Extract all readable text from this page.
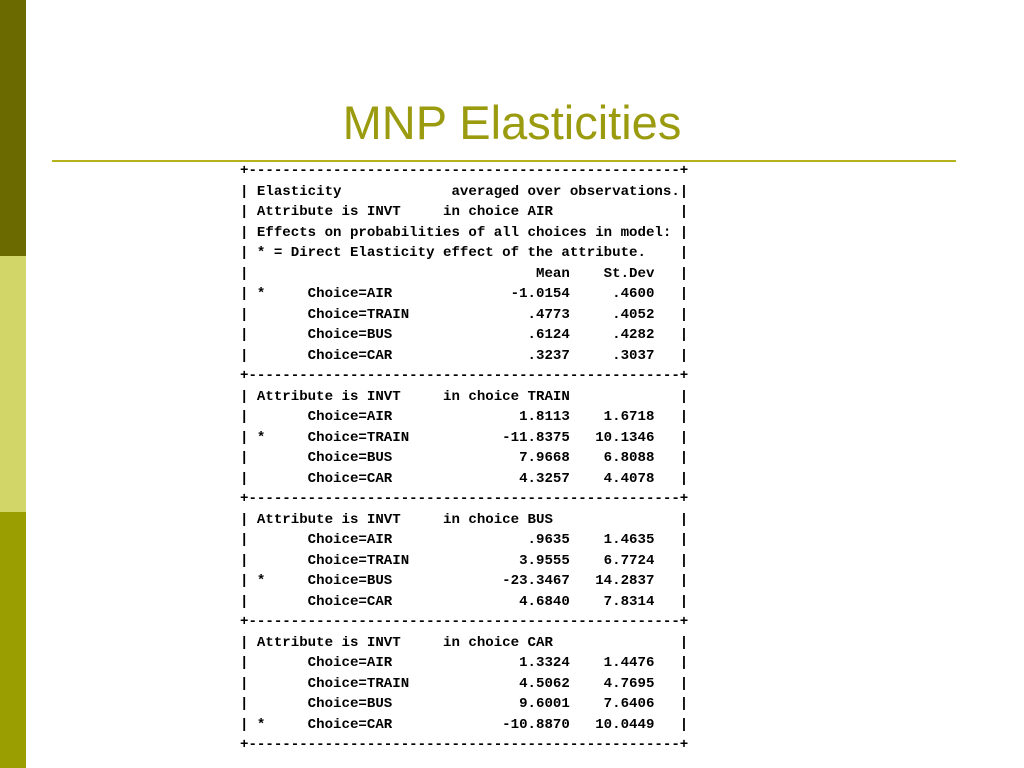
MNP Elasticities
+---------------------------------------------------+
| Elasticity             averaged over observations.|
| Attribute is INVT     in choice AIR               |
| Effects on probabilities of all choices in model: |
| * = Direct Elasticity effect of the attribute.    |
|                                  Mean    St.Dev   |
| *     Choice=AIR              -1.0154     .4600   |
|       Choice=TRAIN              .4773     .4052   |
|       Choice=BUS                .6124     .4282   |
|       Choice=CAR                .3237     .3037   |
+---------------------------------------------------+
| Attribute is INVT     in choice TRAIN             |
|       Choice=AIR               1.8113    1.6718   |
| *     Choice=TRAIN           -11.8375   10.1346   |
|       Choice=BUS               7.9668    6.8088   |
|       Choice=CAR               4.3257    4.4078   |
+---------------------------------------------------+
| Attribute is INVT     in choice BUS               |
|       Choice=AIR                .9635    1.4635   |
|       Choice=TRAIN             3.9555    6.7724   |
| *     Choice=BUS             -23.3467   14.2837   |
|       Choice=CAR               4.6840    7.8314   |
+---------------------------------------------------+
| Attribute is INVT     in choice CAR               |
|       Choice=AIR               1.3324    1.4476   |
|       Choice=TRAIN             4.5062    4.7695   |
|       Choice=BUS               9.6001    7.6406   |
| *     Choice=CAR             -10.8870   10.0449   |
+---------------------------------------------------+
